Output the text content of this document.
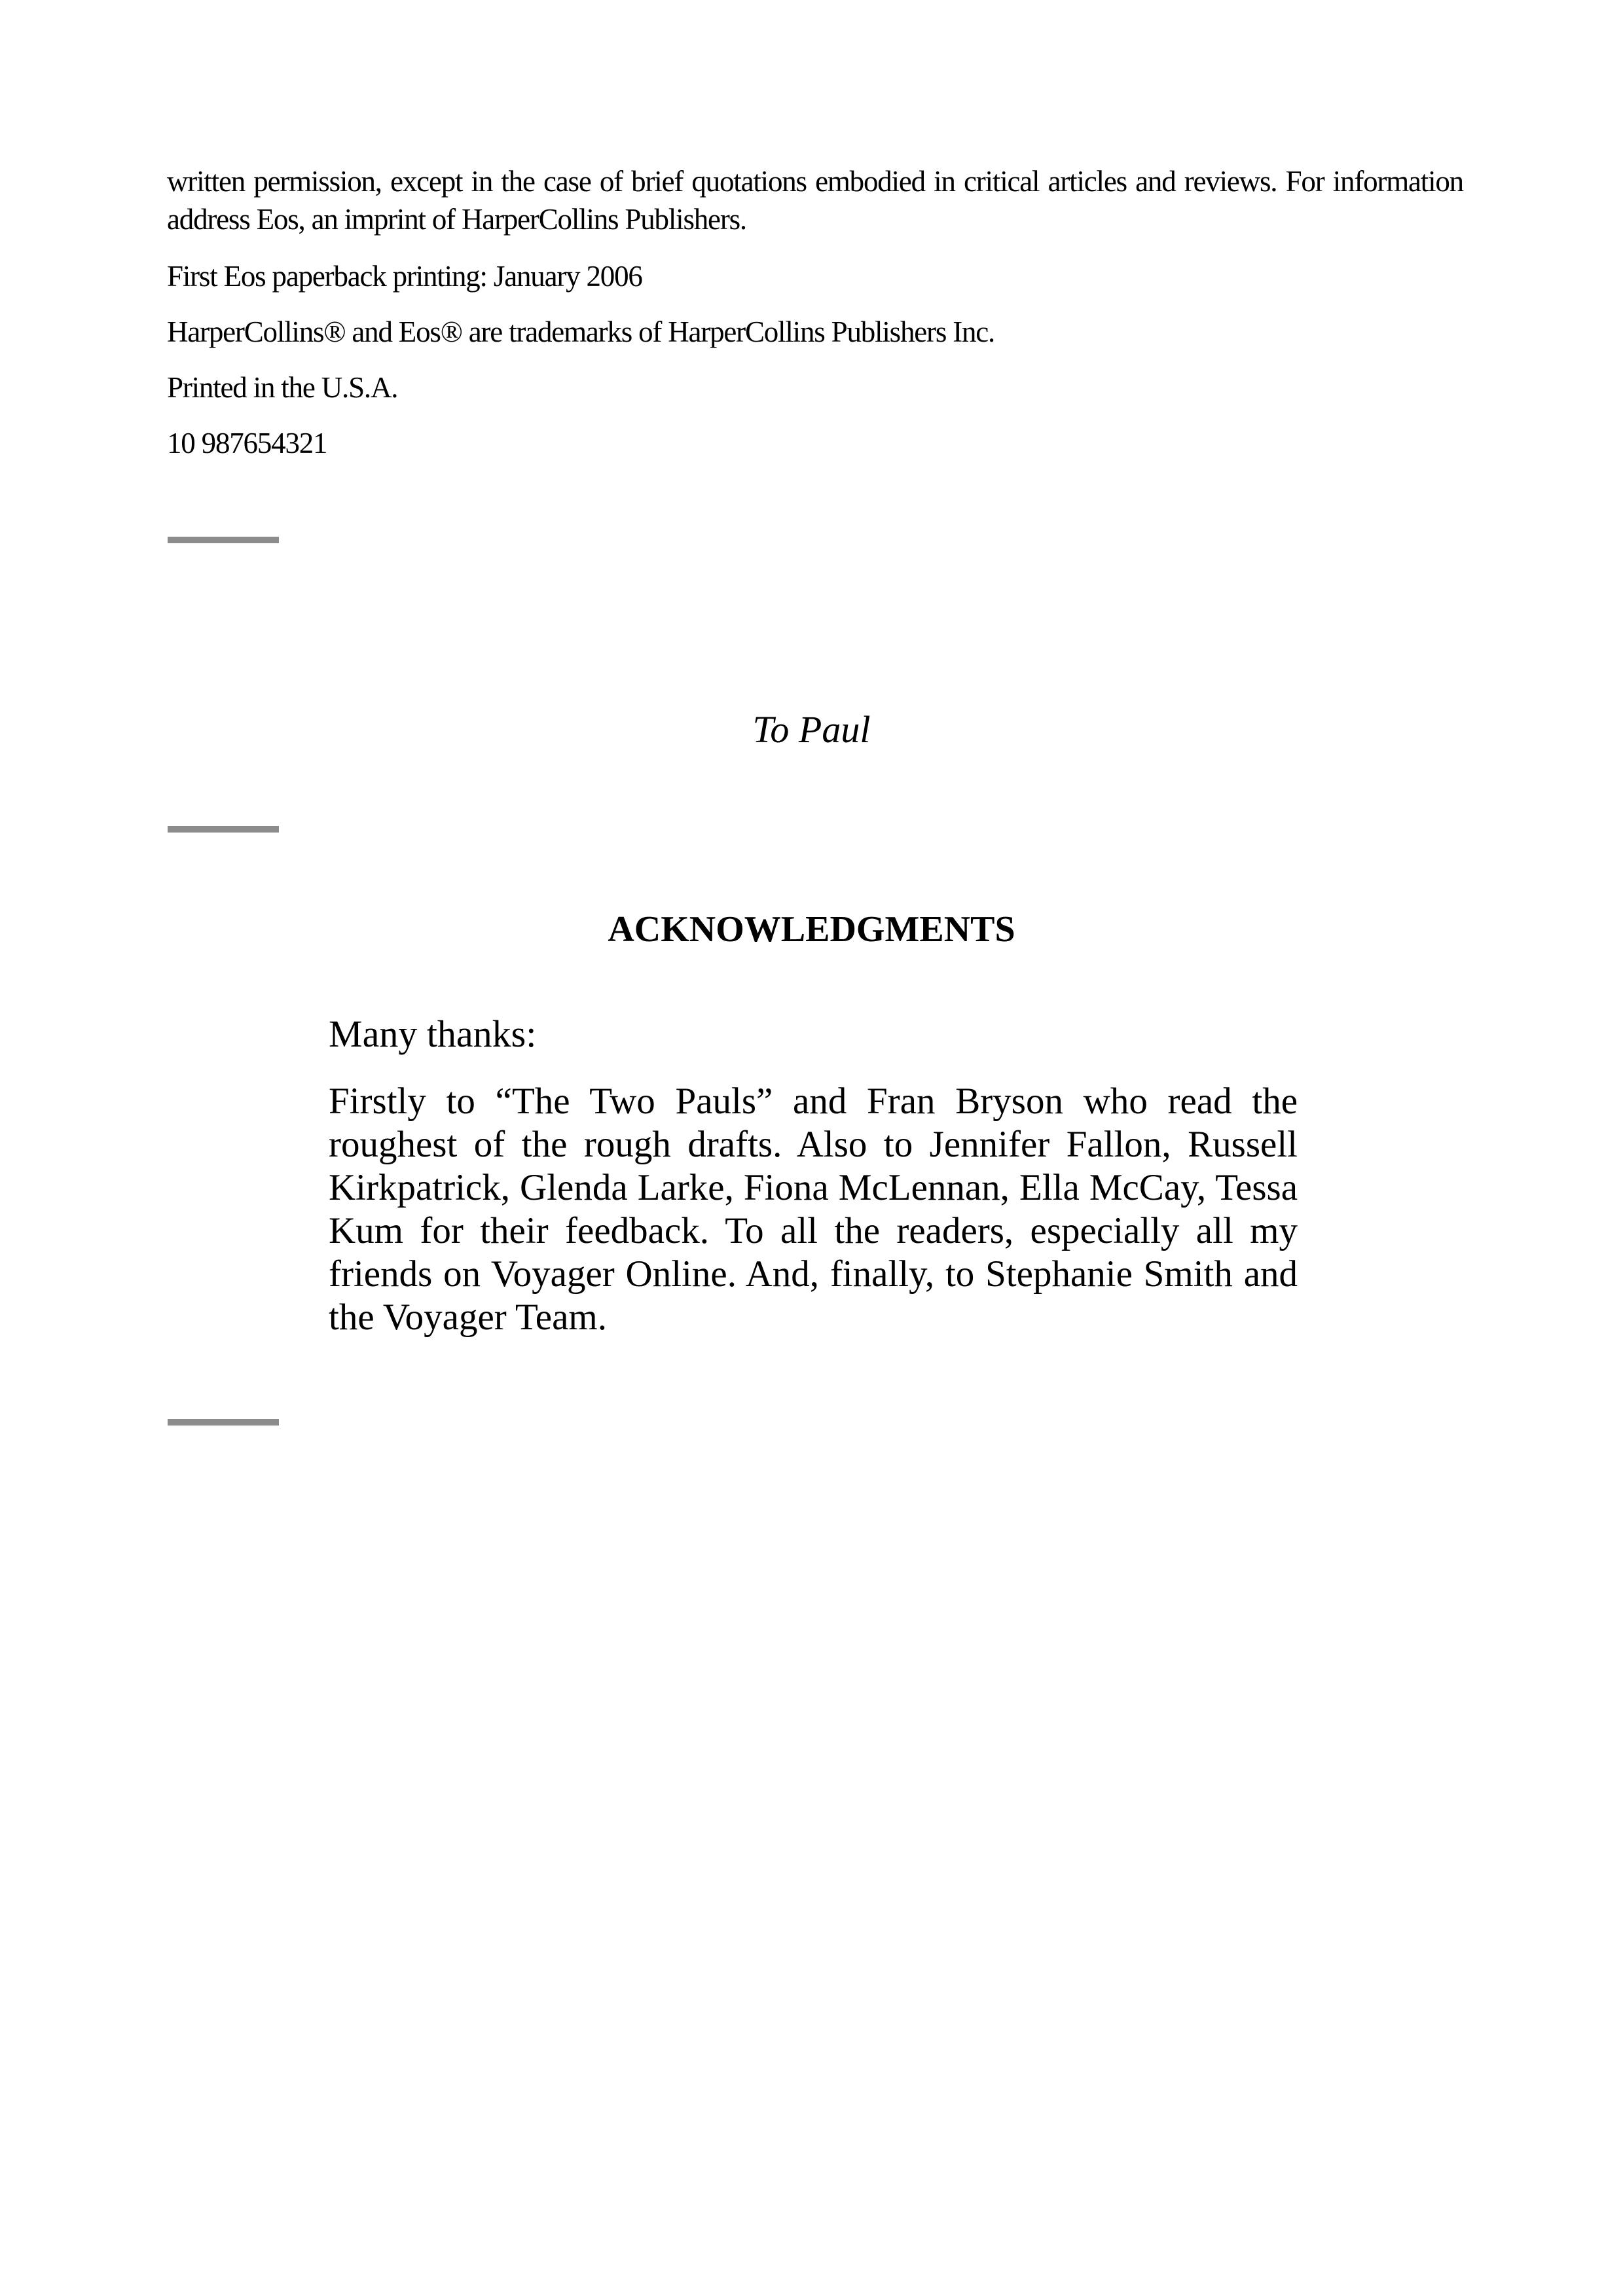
written permission, except in the case of brief quotations embodied in critical articles and reviews. For information address Eos, an imprint of HarperCollins Publishers.

First Eos paperback printing: January 2006

HarperCollins® and Eos® are trademarks of HarperCollins Publishers Inc.

Printed in the U.S.A.

10 987654321

To Paul

ACKNOWLEDGMENTS

Many thanks:

Firstly to “The Two Pauls” and Fran Bryson who read the roughest of the rough drafts. Also to Jennifer Fallon, Russell Kirkpatrick, Glenda Larke, Fiona McLennan, Ella McCay, Tessa Kum for their feedback. To all the readers, especially all my friends on Voyager Online. And, finally, to Stephanie Smith and the Voyager Team.
